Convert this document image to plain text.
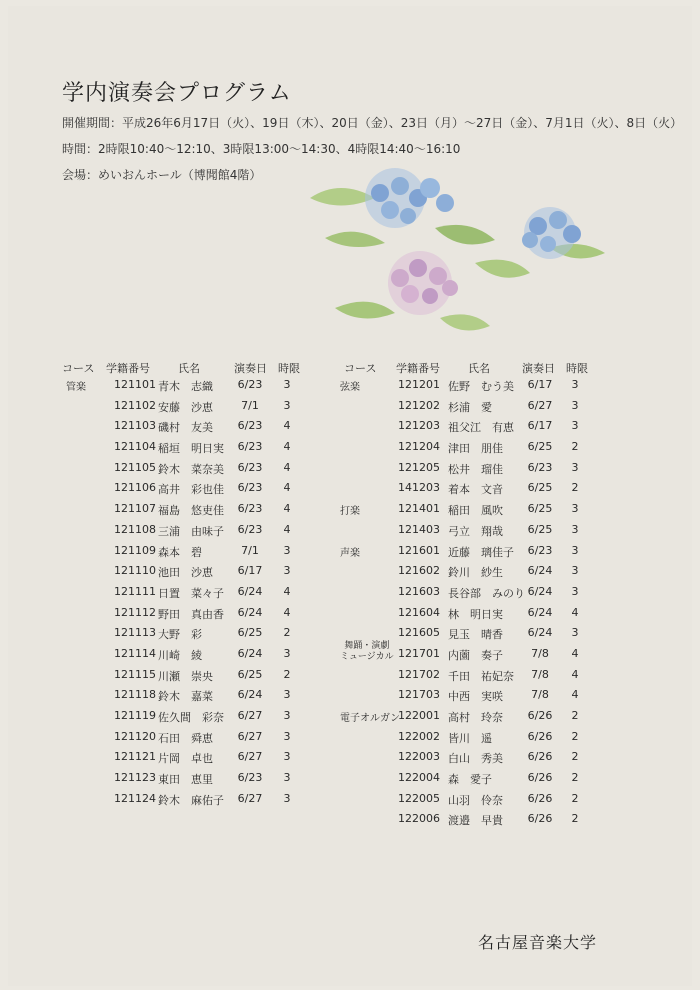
学内演奏会プログラム
開催期間：平成26年6月17日（火）、19日（木）、20日（金）、23日（月）～27日（金）、7月1日（火）、8日（火）
時間：2時限10:40～12:10、3時限13:00～14:30、4時限14:40～16:10
会場：めいおんホール（博聞館4階）
コース 学籍番号	氏名	演奏日 時限
管楽	121101 青木　志織	6/23	3
121102 安藤　沙恵	7/1	3
121103 磯村　友美	6/23	4
121104 稲垣　明日実	6/23	4
121105 鈴木　菜奈美	6/23	4
121106 高井　彩也佳	6/23	4
121107 福島　悠吏佳	6/23	4
121108 三浦　由味子	6/23	4
121109 森本　碧	7/1	3
121110 池田　沙恵	6/17	3
121111 日置　菜々子	6/24	4
121112 野田　真由香	6/24	4
121113 大野　彩	6/25	2
121114 川崎　綾	6/24	3
121115 川瀬　崇央	6/25	2
121118 鈴木　嘉菜	6/24	3
121119 佐久間　彩奈	6/27	3
121120 石田　舜恵	6/27	3
121121 片岡　卓也	6/27	3
121123 東田　恵里	6/23	3
121124 鈴木　麻佑子	6/27	3
コース 学籍番号	氏名	演奏日 時限
弦楽	121201 佐野　むう美	6/17	3
121202 杉浦　愛	6/27	3
121203 祖父江　有恵	6/17	3
121204 津田　朋佳	6/25	2
121205 松井　瑠佳	6/23	3
141203 着本　文音	6/25	2
打楽	121401 稲田　風吹	6/25	3
121403 弓立　翔哉	6/25	3
声楽	121601 近藤　璃佳子	6/23	3
121602 鈴川　紗生	6/24	3
121603 長谷部　みのり 6/24	3
121604 林　明日実	6/24	4
121605 見玉　晴香	6/24	3
舞踊・演劇
ミュージカル 121701 内薗　奏子	7/8	4
121702 千田　祐妃奈	7/8	4
121703 中西　実咲	7/8	4
電子オルガン
122001 高村　玲奈	6/26	2
122002 皆川　遥	6/26	2
122003 白山　秀美	6/26	2
122004 森　愛子	6/26	2
122005 山羽　伶奈	6/26	2
122006 渡邉　早貴	6/26	2
名古屋音楽大学
